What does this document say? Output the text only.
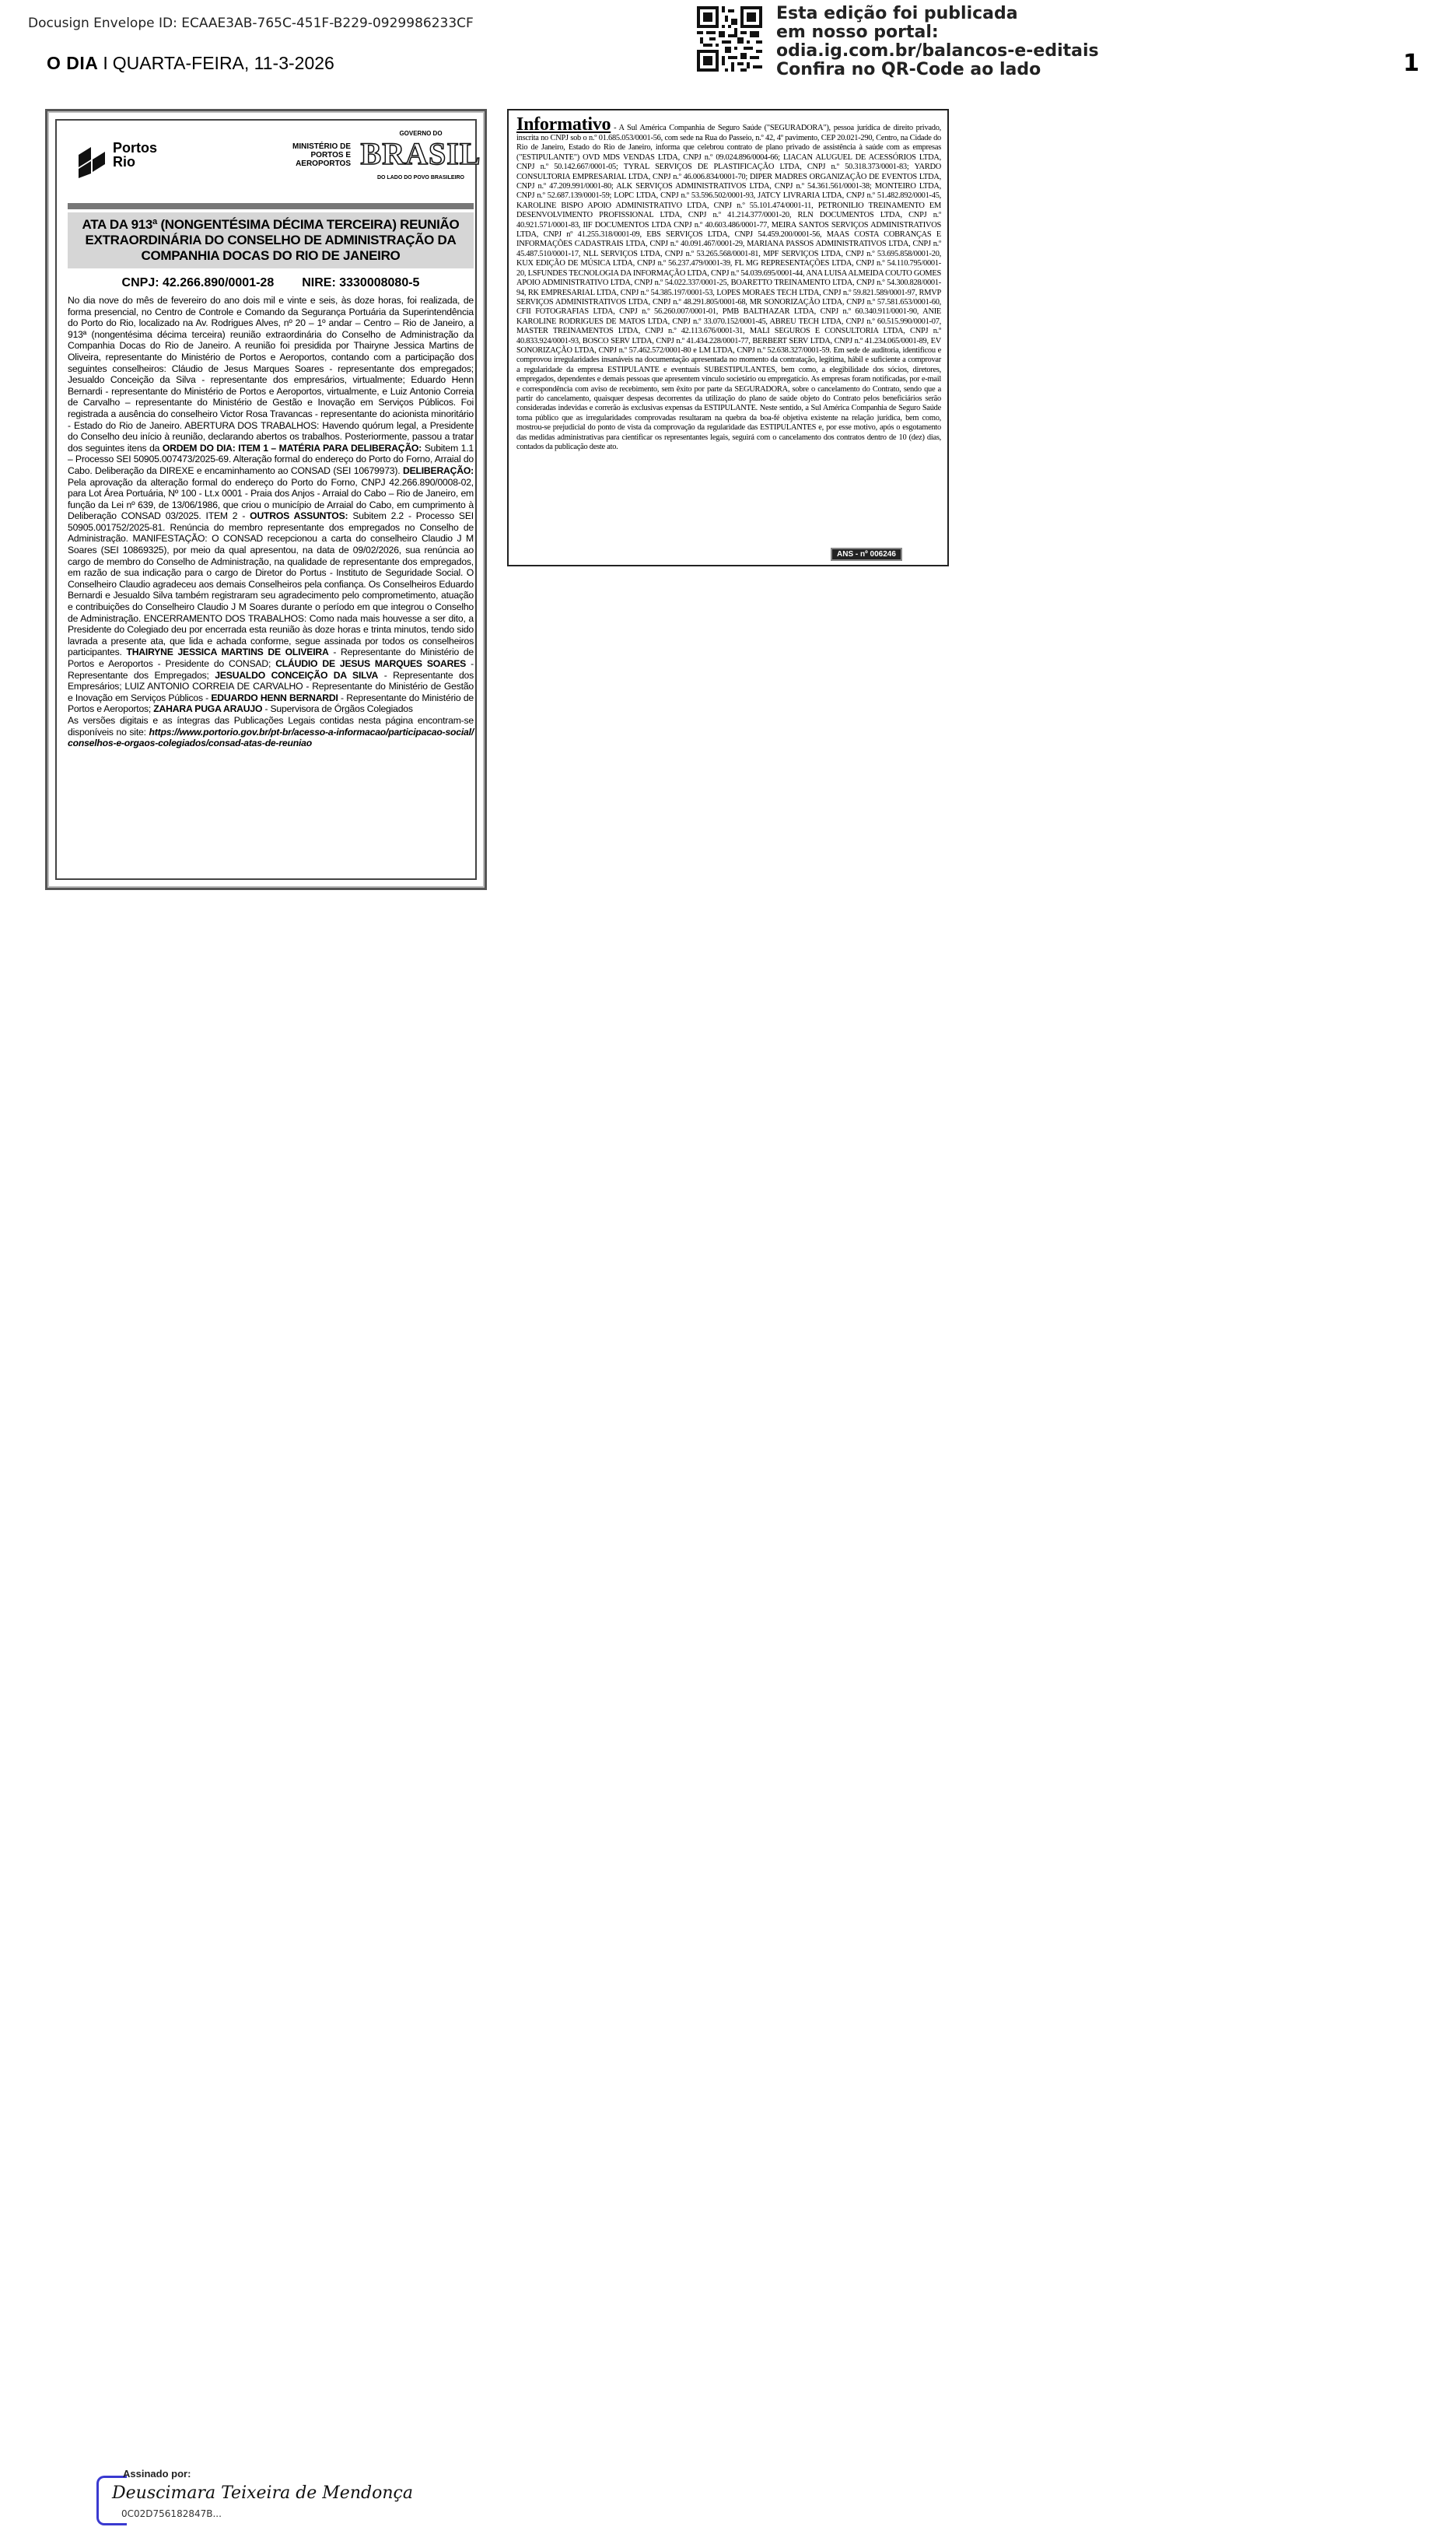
Docusign Envelope ID: ECAAE3AB-765C-451F-B229-0929986233CF
O DIA I QUARTA-FEIRA, 11-3-2026
Esta edição foi publicada
em nosso portal:
odia.ig.com.br/balancos-e-editais
Confira no QR-Code ao lado	1
Portos
Rio
MINISTÉRIO DE
PORTOS E
AEROPORTOS
GOVERNO DO
BRASIL
DO LADO DO POVO BRASILEIRO
ATA DA 913ª (NONGENTÉSIMA DÉCIMA TERCEIRA) REUNIÃO EXTRAORDINÁRIA DO CONSELHO DE ADMINISTRAÇÃO DA COMPANHIA DOCAS DO RIO DE JANEIRO
CNPJ: 42.266.890/0001-28 NIRE: 3330008080-5
No dia nove do mês de fevereiro do ano dois mil e vinte e seis, às doze horas, foi realizada, de forma presencial, no Centro de Controle e Comando da Segurança Portuária da Superintendência do Porto do Rio, localizado na Av. Rodrigues Alves, nº 20 – 1º andar – Centro – Rio de Janeiro, a 913ª (nongentésima décima terceira) reunião extraordinária do Conselho de Administração da Companhia Docas do Rio de Janeiro. A reunião foi presidida por Thairyne Jessica Martins de Oliveira, representante do Ministério de Portos e Aeroportos, contando com a participação dos seguintes conselheiros: Cláudio de Jesus Marques Soares - representante dos empregados; Jesualdo Conceição da Silva - representante dos empresários, virtualmente; Eduardo Henn Bernardi - representante do Ministério de Portos e Aeroportos, virtualmente, e Luiz Antonio Correia de Carvalho – representante do Ministério de Gestão e Inovação em Serviços Públicos. Foi registrada a ausência do conselheiro Victor Rosa Travancas - representante do acionista minoritário - Estado do Rio de Janeiro. ABERTURA DOS TRABALHOS: Havendo quórum legal, a Presidente do Conselho deu início à reunião, declarando abertos os trabalhos. Posteriormente, passou a tratar dos seguintes itens da ORDEM DO DIA: ITEM 1 – MATÉRIA PARA DELIBERAÇÃO: Subitem 1.1 – Processo SEI 50905.007473/2025-69. Alteração formal do endereço do Porto do Forno, Arraial do Cabo. Deliberação da DIREXE e encaminhamento ao CONSAD (SEI 10679973). DELIBERAÇÃO: Pela aprovação da alteração formal do endereço do Porto do Forno, CNPJ 42.266.890/0008-02, para Lot Área Portuária, Nº 100 - Lt.x 0001 - Praia dos Anjos - Arraial do Cabo – Rio de Janeiro, em função da Lei nº 639, de 13/06/1986, que criou o município de Arraial do Cabo, em cumprimento à Deliberação CONSAD 03/2025. ITEM 2 - OUTROS ASSUNTOS: Subitem 2.2 - Processo SEI 50905.001752/2025-81. Renúncia do membro representante dos empregados no Conselho de Administração. MANIFESTAÇÃO: O CONSAD recepcionou a carta do conselheiro Claudio J M Soares (SEI 10869325), por meio da qual apresentou, na data de 09/02/2026, sua renúncia ao cargo de membro do Conselho de Administração, na qualidade de representante dos empregados, em razão de sua indicação para o cargo de Diretor do Portus - Instituto de Seguridade Social. O Conselheiro Claudio agradeceu aos demais Conselheiros pela confiança. Os Conselheiros Eduardo Bernardi e Jesualdo Silva também registraram seu agradecimento pelo comprometimento, atuação e contribuições do Conselheiro Claudio J M Soares durante o período em que integrou o Conselho de Administração. ENCERRAMENTO DOS TRABALHOS: Como nada mais houvesse a ser dito, a Presidente do Colegiado deu por encerrada esta reunião às doze horas e trinta minutos, tendo sido lavrada a presente ata, que lida e achada conforme, segue assinada por todos os conselheiros participantes. THAIRYNE JESSICA MARTINS DE OLIVEIRA - Representante do Ministério de Portos e Aeroportos - Presidente do CONSAD; CLÁUDIO DE JESUS MARQUES SOARES - Representante dos Empregados; JESUALDO CONCEIÇÃO DA SILVA - Representante dos Empresários; LUIZ ANTONIO CORREIA DE CARVALHO - Representante do Ministério de Gestão e Inovação em Serviços Públicos - EDUARDO HENN BERNARDI - Representante do Ministério de Portos e Aeroportos; ZAHARA PUGA ARAUJO - Supervisora de Órgãos Colegiados
As versões digitais e as íntegras das Publicações Legais contidas nesta página encontram-se disponíveis no site: https://www.portorio.gov.br/pt-br/acesso-a-informacao/participacao-social/conselhos-e-orgaos-colegiados/consad-atas-de-reuniao
Informativo - A Sul América Companhia de Seguro Saúde ("SEGURADORA"), pessoa jurídica de direito privado, inscrita no CNPJ sob o n.º 01.685.053/0001-56, com sede na Rua do Passeio, n.º 42, 4º pavimento, CEP 20.021-290, Centro, na Cidade do Rio de Janeiro, Estado do Rio de Janeiro, informa que celebrou contrato de plano privado de assistência à saúde com as empresas ("ESTIPULANTE") OVD MDS VENDAS LTDA, CNPJ n.º 09.024.896/0004-66; LIACAN ALUGUEL DE ACESSÓRIOS LTDA, CNPJ n.º 50.142.667/0001-05; TYRAL SERVIÇOS DE PLASTIFICAÇÃO LTDA, CNPJ n.º 50.318.373/0001-83; YARDO CONSULTORIA EMPRESARIAL LTDA, CNPJ n.º 46.006.834/0001-70; DIPER MADRES ORGANIZAÇÃO DE EVENTOS LTDA, CNPJ n.º 47.209.991/0001-80; ALK SERVIÇOS ADMINISTRATIVOS LTDA, CNPJ n.º 54.361.561/0001-38; MONTEIRO LTDA, CNPJ n.º 52.687.139/0001-59; LOPC LTDA, CNPJ n.º 53.596.502/0001-93, JATCY LIVRARIA LTDA, CNPJ n.º 51.482.892/0001-45, KAROLINE BISPO APOIO ADMINISTRATIVO LTDA, CNPJ n.º 55.101.474/0001-11, PETRONILIO TREINAMENTO EM DESENVOLVIMENTO PROFISSIONAL LTDA, CNPJ n.º 41.214.377/0001-20, RLN DOCUMENTOS LTDA, CNPJ n.º 40.921.571/0001-83, IIF DOCUMENTOS LTDA CNPJ n.º 40.603.486/0001-77, MEIRA SANTOS SERVIÇOS ADMINISTRATIVOS LTDA, CNPJ nº 41.255.318/0001-09, EBS SERVIÇOS LTDA, CNPJ 54.459.200/0001-56, MAAS COSTA COBRANÇAS E INFORMAÇÕES CADASTRAIS LTDA, CNPJ n.º 40.091.467/0001-29, MARIANA PASSOS ADMINISTRATIVOS LTDA, CNPJ n.º 45.487.510/0001-17, NLL SERVIÇOS LTDA, CNPJ n.º 53.265.568/0001-81, MPF SERVIÇOS LTDA, CNPJ n.º 53.695.858/0001-20, KUX EDIÇÃO DE MÚSICA LTDA, CNPJ n.º 56.237.479/0001-39, FL MG REPRESENTAÇÕES LTDA, CNPJ n.º 54.110.795/0001-20, LSFUNDES TECNOLOGIA DA INFORMAÇÃO LTDA, CNPJ n.º 54.039.695/0001-44, ANA LUISA ALMEIDA COUTO GOMES APOIO ADMINISTRATIVO LTDA, CNPJ n.º 54.022.337/0001-25, BOARETTO TREINAMENTO LTDA, CNPJ n.º 54.300.828/0001-94, RK EMPRESARIAL LTDA, CNPJ n.º 54.385.197/0001-53, LOPES MORAES TECH LTDA, CNPJ n.º 59.821.589/0001-97, RMVP SERVIÇOS ADMINISTRATIVOS LTDA, CNPJ n.º 48.291.805/0001-68, MR SONORIZAÇÃO LTDA, CNPJ n.º 57.581.653/0001-60, CFII FOTOGRAFIAS LTDA, CNPJ n.º 56.260.007/0001-01, PMB BALTHAZAR LTDA, CNPJ n.º 60.340.911/0001-90, ANIE KAROLINE RODRIGUES DE MATOS LTDA, CNPJ n.º 33.070.152/0001-45, ABREU TECH LTDA, CNPJ n.º 60.515.990/0001-07, MASTER TREINAMENTOS LTDA, CNPJ n.º 42.113.676/0001-31, MALI SEGUROS E CONSULTORIA LTDA, CNPJ n.º 40.833.924/0001-93, BOSCO SERV LTDA, CNPJ n.º 41.434.228/0001-77, BERBERT SERV LTDA, CNPJ n.º 41.234.065/0001-89, EV SONORIZAÇÃO LTDA, CNPJ n.º 57.462.572/0001-80 e LM LTDA, CNPJ n.º 52.638.327/0001-59. Em sede de auditoria, identificou e comprovou irregularidades insanáveis na documentação apresentada no momento da contratação, legítima, hábil e suficiente a comprovar a regularidade da empresa ESTIPULANTE e eventuais SUBESTIPULANTES, bem como, a elegibilidade dos sócios, diretores, empregados, dependentes e demais pessoas que apresentem vínculo societário ou empregatício. As empresas foram notificadas, por e-mail e correspondência com aviso de recebimento, sem êxito por parte da SEGURADORA, sobre o cancelamento do Contrato, sendo que a partir do cancelamento, quaisquer despesas decorrentes da utilização do plano de saúde objeto do Contrato pelos beneficiários serão consideradas indevidas e correrão às exclusivas expensas da ESTIPULANTE. Neste sentido, a Sul América Companhia de Seguro Saúde torna público que as irregularidades comprovadas resultaram na quebra da boa-fé objetiva existente na relação jurídica, bem como, mostrou-se prejudicial do ponto de vista da comprovação da regularidade das ESTIPULANTES e, por esse motivo, após o esgotamento das medidas administrativas para cientificar os representantes legais, seguirá com o cancelamento dos contratos dentro de 10 (dez) dias, contados da publicação deste ato.
ANS - nº 006246
Assinado por:
Deuscimara Teixeira de Mendonça
0C02D756182847B...
